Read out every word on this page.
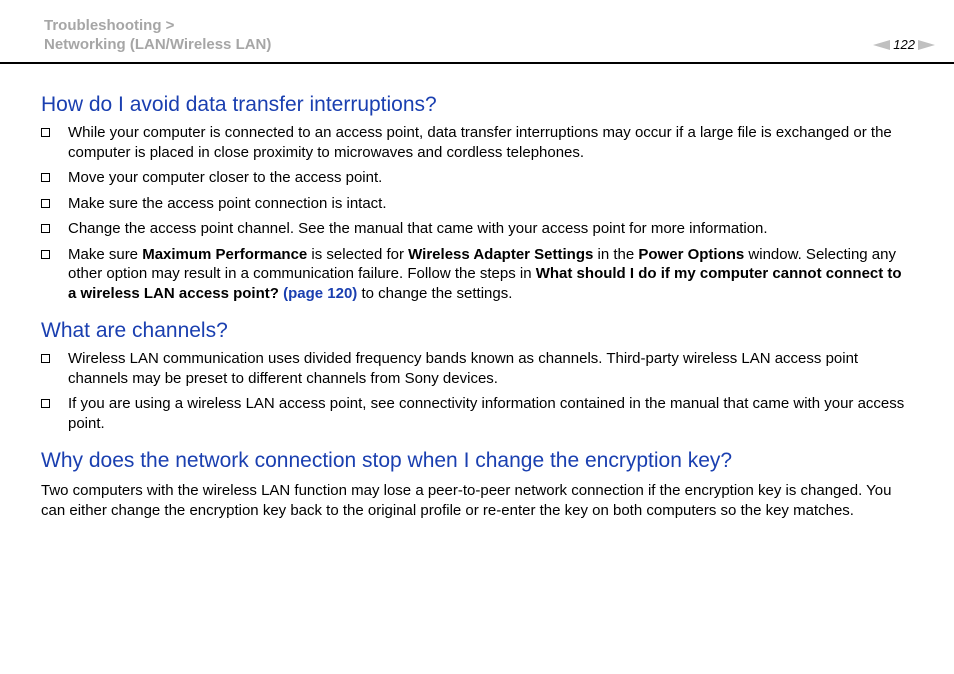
Troubleshooting >
Networking (LAN/Wireless LAN)	122
How do I avoid data transfer interruptions?
While your computer is connected to an access point, data transfer interruptions may occur if a large file is exchanged or the computer is placed in close proximity to microwaves and cordless telephones.
Move your computer closer to the access point.
Make sure the access point connection is intact.
Change the access point channel. See the manual that came with your access point for more information.
Make sure Maximum Performance is selected for Wireless Adapter Settings in the Power Options window. Selecting any other option may result in a communication failure. Follow the steps in What should I do if my computer cannot connect to a wireless LAN access point? (page 120) to change the settings.
What are channels?
Wireless LAN communication uses divided frequency bands known as channels. Third-party wireless LAN access point channels may be preset to different channels from Sony devices.
If you are using a wireless LAN access point, see connectivity information contained in the manual that came with your access point.
Why does the network connection stop when I change the encryption key?

Two computers with the wireless LAN function may lose a peer-to-peer network connection if the encryption key is changed. You can either change the encryption key back to the original profile or re-enter the key on both computers so the key matches.
